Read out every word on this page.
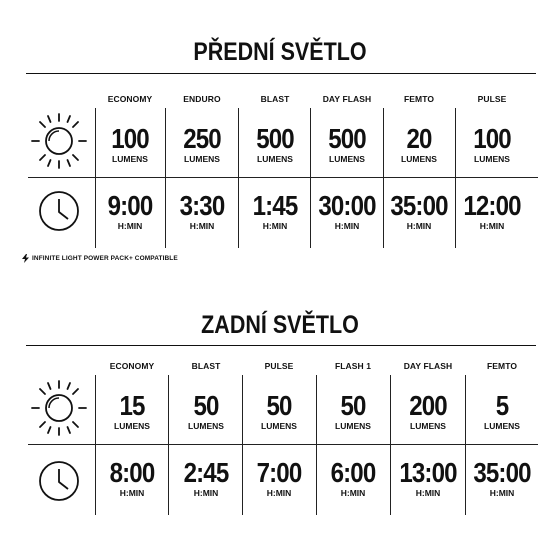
PŘEDNÍ SVĚTLO
ECONOMY
100
LUMENS
9:00
H:MIN
ENDURO
250
LUMENS
3:30
H:MIN
BLAST
500
LUMENS
1:45
H:MIN
DAY FLASH
500
LUMENS
30:00
H:MIN
FEMTO
20
LUMENS
35:00
H:MIN
PULSE
100
LUMENS
12:00
H:MIN
INFINITE LIGHT POWER PACK+ COMPATIBLE
ZADNÍ SVĚTLO
ECONOMY
15
LUMENS
8:00
H:MIN
BLAST
50
LUMENS
2:45
H:MIN
PULSE
50
LUMENS
7:00
H:MIN
FLASH 1
50
LUMENS
6:00
H:MIN
DAY FLASH
200
LUMENS
13:00
H:MIN
FEMTO
5
LUMENS
35:00
H:MIN
